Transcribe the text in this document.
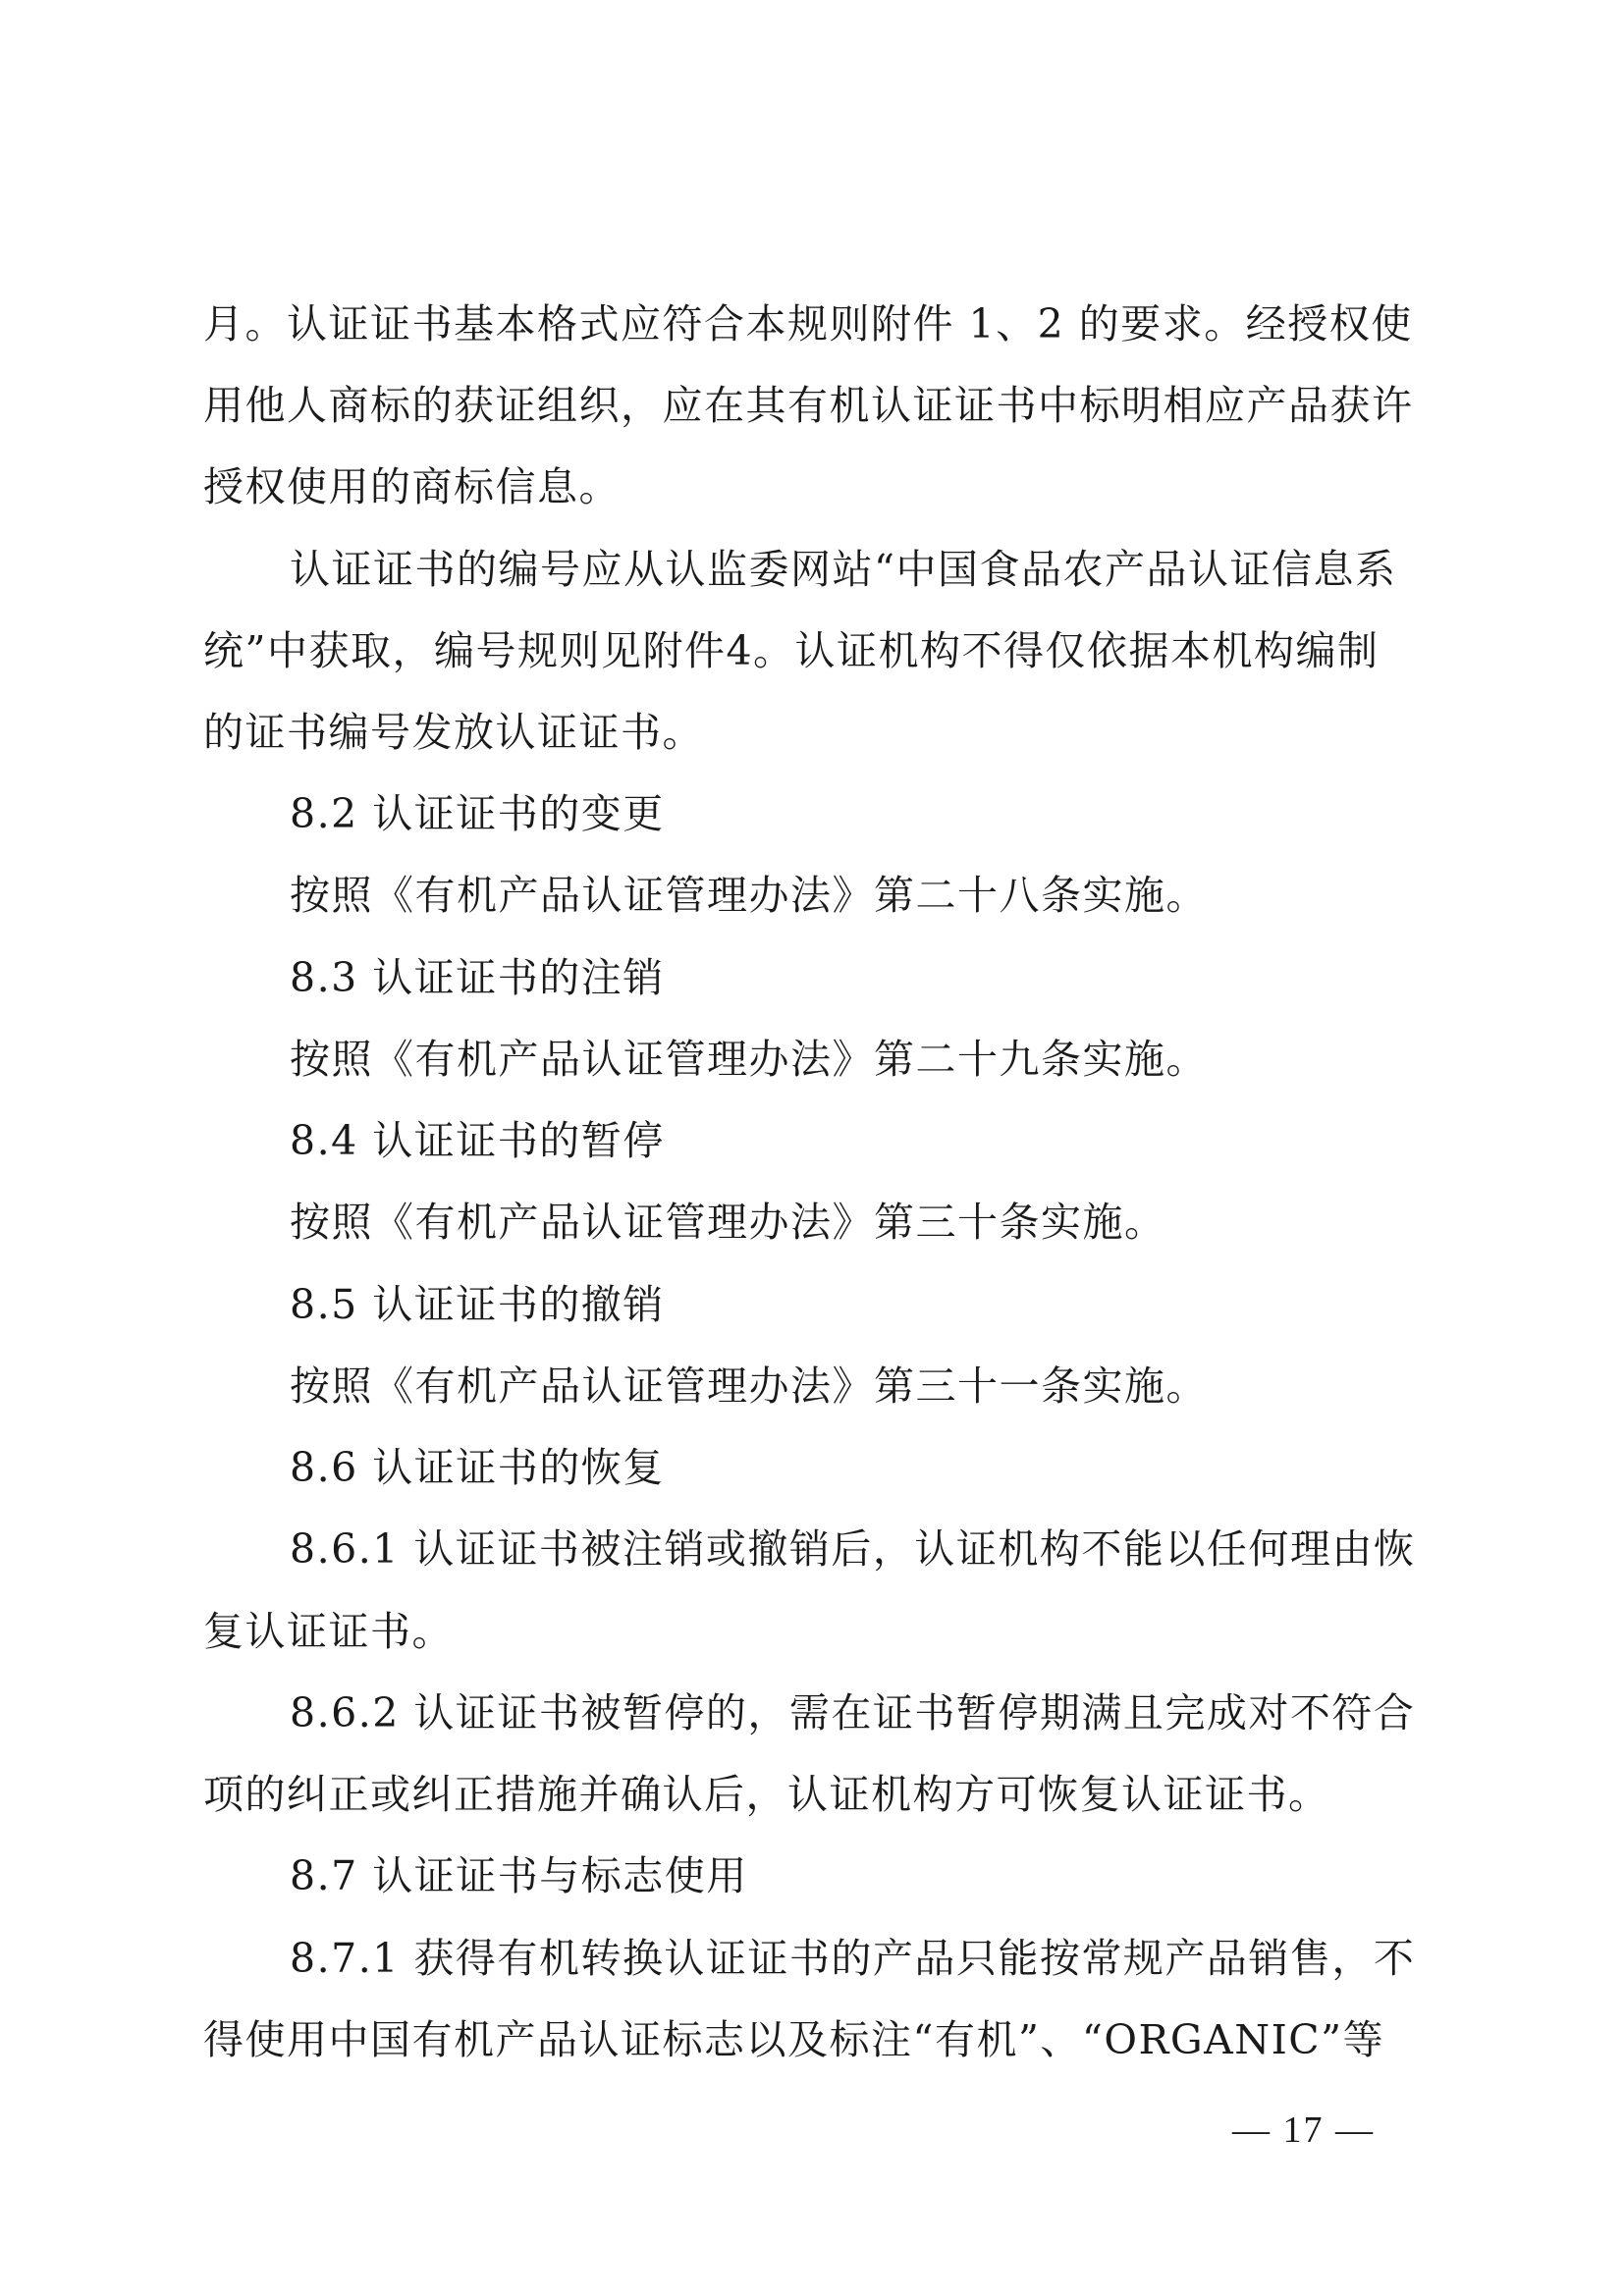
月。认证证书基本格式应符合本规则附件 1、2 的要求。经授权使
用他人商标的获证组织，应在其有机认证证书中标明相应产品获许
授权使用的商标信息。
认证证书的编号应从认监委网站“中国食品农产品认证信息系
统”中获取，编号规则见附件4。认证机构不得仅依据本机构编制
的证书编号发放认证证书。
8.2 认证证书的变更
按照《有机产品认证管理办法》第二十八条实施。
8.3 认证证书的注销
按照《有机产品认证管理办法》第二十九条实施。
8.4 认证证书的暂停
按照《有机产品认证管理办法》第三十条实施。
8.5 认证证书的撤销
按照《有机产品认证管理办法》第三十一条实施。
8.6 认证证书的恢复
8.6.1 认证证书被注销或撤销后，认证机构不能以任何理由恢
复认证证书。
8.6.2 认证证书被暂停的，需在证书暂停期满且完成对不符合
项的纠正或纠正措施并确认后，认证机构方可恢复认证证书。
8.7 认证证书与标志使用
8.7.1 获得有机转换认证证书的产品只能按常规产品销售，不
得使用中国有机产品认证标志以及标注“有机”、“ORGANIC”等
— 17 —
